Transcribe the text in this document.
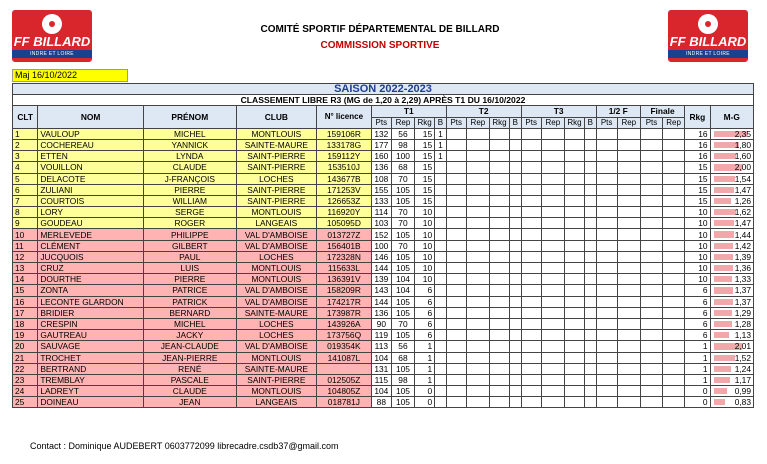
FF BILLARD
INDRE ET LOIRE
FF BILLARD
INDRE ET LOIRE
COMITÉ SPORTIF DÉPARTEMENTAL DE BILLARD
COMMISSION SPORTIVE
Maj 16/10/2022
SAISON 2022-2023																						
CLASSEMENT LIBRE R3 (MG de 1,20 à 2,29) APRÈS T1 DU 16/10/2022																						
CLT	NOM	PRÉNOM	CLUB	N° licence	T1				T2				T3				1/2 F		Finale		Rkg	M-G
					Pts	Rep	Rkg	B	Pts	Rep	Rkg	B	Pts	Rep	Rkg	B	Pts	Rep	Pts	Rep		
1	VAULOUP	MICHEL	MONTLOUIS	159106R	132	56	15	1													16	2,35
2	COCHEREAU	YANNICK	SAINTE-MAURE	133178G	177	98	15	1													16	1,80
3	ETTEN	LYNDA	SAINT-PIERRE	159112Y	160	100	15	1													16	1,60
4	VOUILLON	CLAUDE	SAINT-PIERRE	153510J	136	68	15														15	2,00
5	DELACOTE	J-FRANÇOIS	LOCHES	143677B	108	70	15														15	1,54
6	ZULIANI	PIERRE	SAINT-PIERRE	171253V	155	105	15														15	1,47
7	COURTOIS	WILLIAM	SAINT-PIERRE	126653Z	133	105	15														15	1,26
8	LORY	SERGE	MONTLOUIS	116920Y	114	70	10														10	1,62
9	GOUDEAU	ROGER	LANGEAIS	105095D	103	70	10														10	1,47
10	MERLEVEDE	PHILIPPE	VAL D'AMBOISE	013727Z	152	105	10														10	1,44
11	CLÉMENT	GILBERT	VAL D'AMBOISE	156401B	100	70	10														10	1,42
12	JUCQUOIS	PAUL	LOCHES	172328N	146	105	10														10	1,39
13	CRUZ	LUIS	MONTLOUIS	115633L	144	105	10														10	1,36
14	DOURTHE	PIERRE	MONTLOUIS	136391V	139	104	10														10	1,33
15	ZONTA	PATRICE	VAL D'AMBOISE	158209R	143	104	6														6	1,37
16	LECONTE GLARDON	PATRICK	VAL D'AMBOISE	174217R	144	105	6														6	1,37
17	BRIDIER	BERNARD	SAINTE-MAURE	173987R	136	105	6														6	1,29
18	CRESPIN	MICHEL	LOCHES	143926A	90	70	6														6	1,28
19	GAUTREAU	JACKY	LOCHES	173756Q	119	105	6														6	1,13
20	SAUVAGE	JEAN-CLAUDE	VAL D'AMBOISE	019354K	113	56	1														1	2,01
21	TROCHET	JEAN-PIERRE	MONTLOUIS	141087L	104	68	1														1	1,52
22	BERTRAND	RENÉ	SAINTE-MAURE		131	105	1														1	1,24
23	TREMBLAY	PASCALE	SAINT-PIERRE	012505Z	115	98	1														1	1,17
24	LADREYT	CLAUDE	MONTLOUIS	104805Z	104	105	0														0	0,99
25	DOINEAU	JEAN	LANGEAIS	018781J	88	105	0														0	0,83
Contact : Dominique AUDEBERT 0603772099 librecadre.csdb37@gmail.com
